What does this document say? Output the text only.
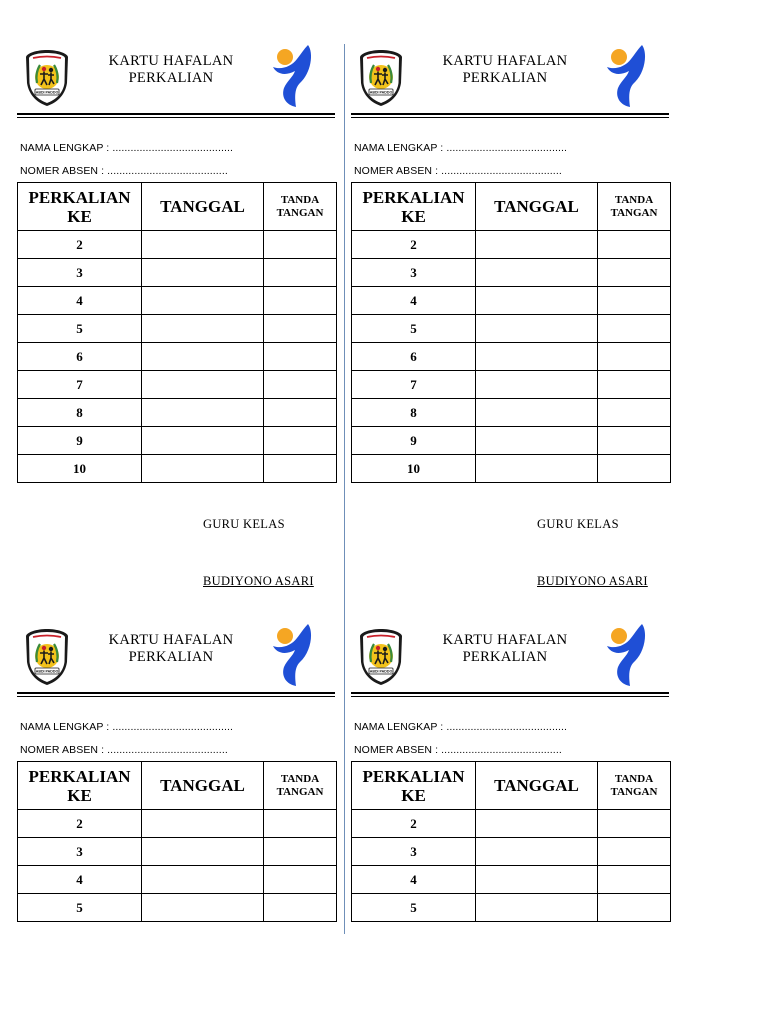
ABDI PADDO
KARTU HAFALAN
PERKALIAN
NAMA LENGKAP : ........................................
NOMER ABSEN : ........................................
PERKALIAN
KE	TANGGAL	TANDA
TANGAN
2		
3		
4		
5		
6		
7		
8		
9		
10		
GURU KELAS
BUDIYONO ASARI
ABDI PADDO
KARTU HAFALAN
PERKALIAN
NAMA LENGKAP : ........................................
NOMER ABSEN : ........................................
PERKALIAN
KE	TANGGAL	TANDA
TANGAN
2		
3		
4		
5		
6		
7		
8		
9		
10		
GURU KELAS
BUDIYONO ASARI
ABDI PADDO
KARTU HAFALAN
PERKALIAN
NAMA LENGKAP : ........................................
NOMER ABSEN : ........................................
PERKALIAN
KE	TANGGAL	TANDA
TANGAN
2		
3		
4		
5		
ABDI PADDO
KARTU HAFALAN
PERKALIAN
NAMA LENGKAP : ........................................
NOMER ABSEN : ........................................
PERKALIAN
KE	TANGGAL	TANDA
TANGAN
2		
3		
4		
5		
